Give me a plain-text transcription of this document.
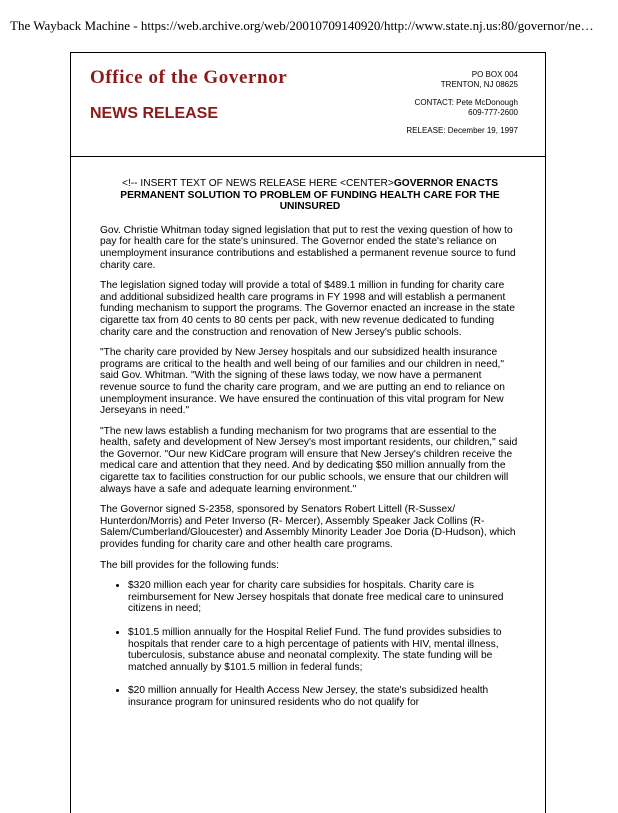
The Wayback Machine - https://web.archive.org/web/20010709140920/http://www.state.nj.us:80/governor/ne…
Office of the Governor
NEWS RELEASE
PO BOX 004
TRENTON, NJ 08625
CONTACT: Pete McDonough
609-777-2600
RELEASE: December 19, 1997
<!-- INSERT TEXT OF NEWS RELEASE HERE <CENTER>GOVERNOR ENACTS PERMANENT SOLUTION TO PROBLEM OF FUNDING HEALTH CARE FOR THE UNINSURED

Gov. Christie Whitman today signed legislation that put to rest the vexing question of how to pay for health care for the state's uninsured. The Governor ended the state's reliance on unemployment insurance contributions and established a permanent revenue source to fund charity care.

The legislation signed today will provide a total of $489.1 million in funding for charity care and additional subsidized health care programs in FY 1998 and will establish a permanent funding mechanism to support the programs. The Governor enacted an increase in the state cigarette tax from 40 cents to 80 cents per pack, with new revenue dedicated to funding charity care and the construction and renovation of New Jersey's public schools.

"The charity care provided by New Jersey hospitals and our subsidized health insurance programs are critical to the health and well being of our families and our children in need," said Gov. Whitman. "With the signing of these laws today, we now have a permanent revenue source to fund the charity care program, and we are putting an end to reliance on unemployment insurance. We have ensured the continuation of this vital program for New Jerseyans in need."

"The new laws establish a funding mechanism for two programs that are essential to the health, safety and development of New Jersey's most important residents, our children," said the Governor. "Our new KidCare program will ensure that New Jersey's children receive the medical care and attention that they need. And by dedicating $50 million annually from the cigarette tax to facilities construction for our public schools, we ensure that our children will always have a safe and adequate learning environment."

The Governor signed S-2358, sponsored by Senators Robert Littell (R-Sussex/ Hunterdon/Morris) and Peter Inverso (R- Mercer), Assembly Speaker Jack Collins (R- Salem/Cumberland/Gloucester) and Assembly Minority Leader Joe Doria (D-Hudson), which provides funding for charity care and other health care programs.

The bill provides for the following funds:

• $320 million each year for charity care subsidies for hospitals. Charity care is reimbursement for New Jersey hospitals that donate free medical care to uninsured citizens in need;
• $101.5 million annually for the Hospital Relief Fund. The fund provides subsidies to hospitals that render care to a high percentage of patients with HIV, mental illness, tuberculosis, substance abuse and neonatal complexity. The state funding will be matched annually by $101.5 million in federal funds;
• $20 million annually for Health Access New Jersey, the state's subsidized health insurance program for uninsured residents who do not qualify for
